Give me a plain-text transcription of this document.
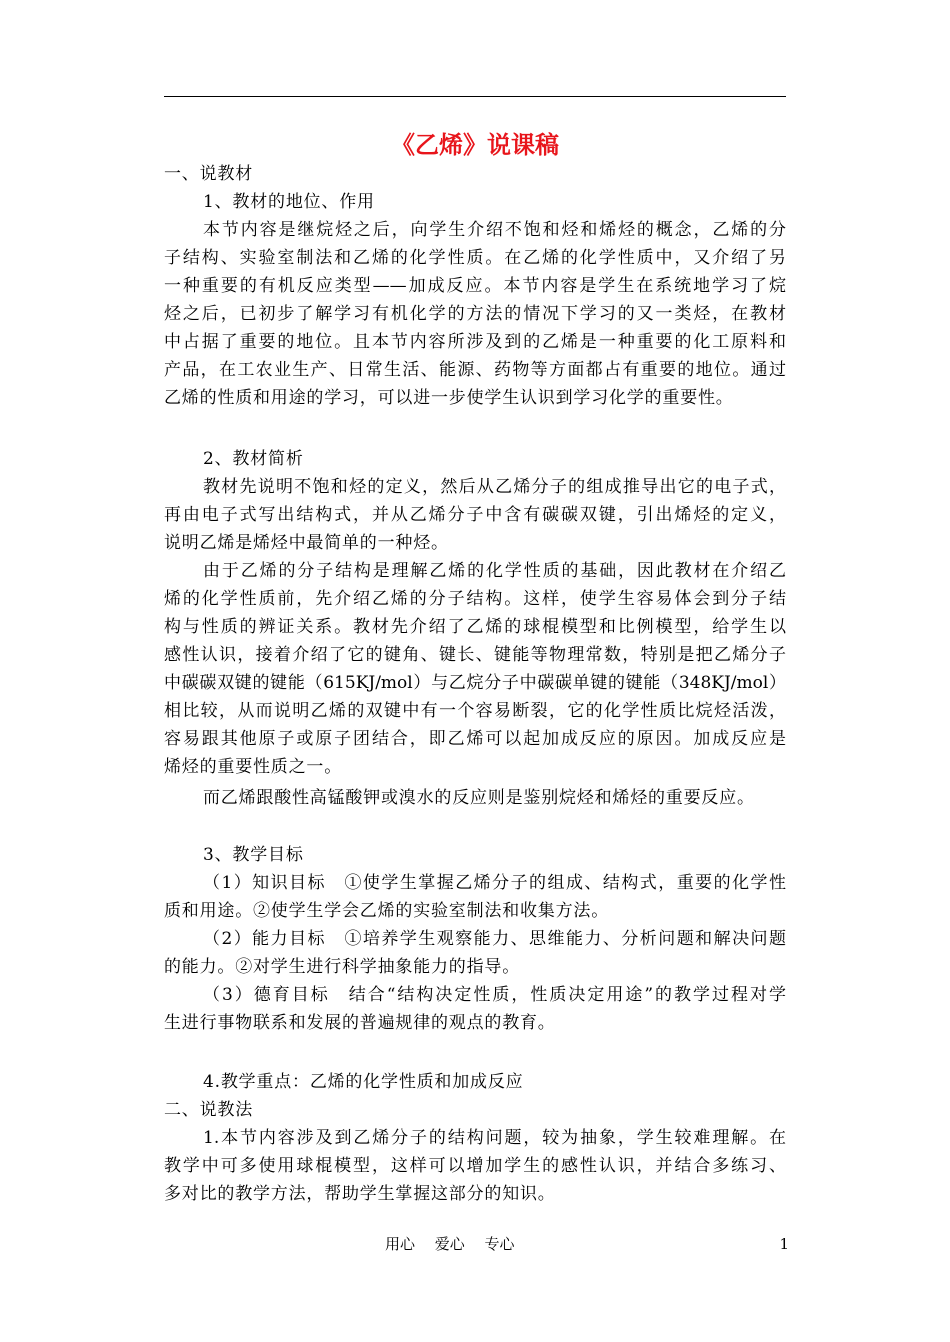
《乙烯》说课稿
一、说教材
1、教材的地位、作用
本节内容是继烷烃之后，向学生介绍不饱和烃和烯烃的概念，乙烯的分
子结构、实验室制法和乙烯的化学性质。在乙烯的化学性质中，又介绍了另
一种重要的有机反应类型——加成反应。本节内容是学生在系统地学习了烷
烃之后，已初步了解学习有机化学的方法的情况下学习的又一类烃，在教材
中占据了重要的地位。且本节内容所涉及到的乙烯是一种重要的化工原料和
产品，在工农业生产、日常生活、能源、药物等方面都占有重要的地位。通过
乙烯的性质和用途的学习，可以进一步使学生认识到学习化学的重要性。
2、教材简析
教材先说明不饱和烃的定义，然后从乙烯分子的组成推导出它的电子式，
再由电子式写出结构式，并从乙烯分子中含有碳碳双键，引出烯烃的定义，
说明乙烯是烯烃中最简单的一种烃。
由于乙烯的分子结构是理解乙烯的化学性质的基础，因此教材在介绍乙
烯的化学性质前，先介绍乙烯的分子结构。这样，使学生容易体会到分子结
构与性质的辨证关系。教材先介绍了乙烯的球棍模型和比例模型，给学生以
感性认识，接着介绍了它的键角、键长、键能等物理常数，特别是把乙烯分子
中碳碳双键的键能（615KJ/mol）与乙烷分子中碳碳单键的键能（348KJ/mol）
相比较，从而说明乙烯的双键中有一个容易断裂，它的化学性质比烷烃活泼，
容易跟其他原子或原子团结合，即乙烯可以起加成反应的原因。加成反应是
烯烃的重要性质之一。
而乙烯跟酸性高锰酸钾或溴水的反应则是鉴别烷烃和烯烃的重要反应。
3、教学目标
（1）知识目标　①使学生掌握乙烯分子的组成、结构式，重要的化学性
质和用途。②使学生学会乙烯的实验室制法和收集方法。
（2）能力目标　①培养学生观察能力、思维能力、分析问题和解决问题
的能力。②对学生进行科学抽象能力的指导。
（3）德育目标　结合“结构决定性质，性质决定用途”的教学过程对学
生进行事物联系和发展的普遍规律的观点的教育。
4.教学重点：乙烯的化学性质和加成反应
二、说教法
1.本节内容涉及到乙烯分子的结构问题，较为抽象，学生较难理解。在
教学中可多使用球棍模型，这样可以增加学生的感性认识，并结合多练习、
多对比的教学方法，帮助学生掌握这部分的知识。
用心　 爱心　 专心	1
